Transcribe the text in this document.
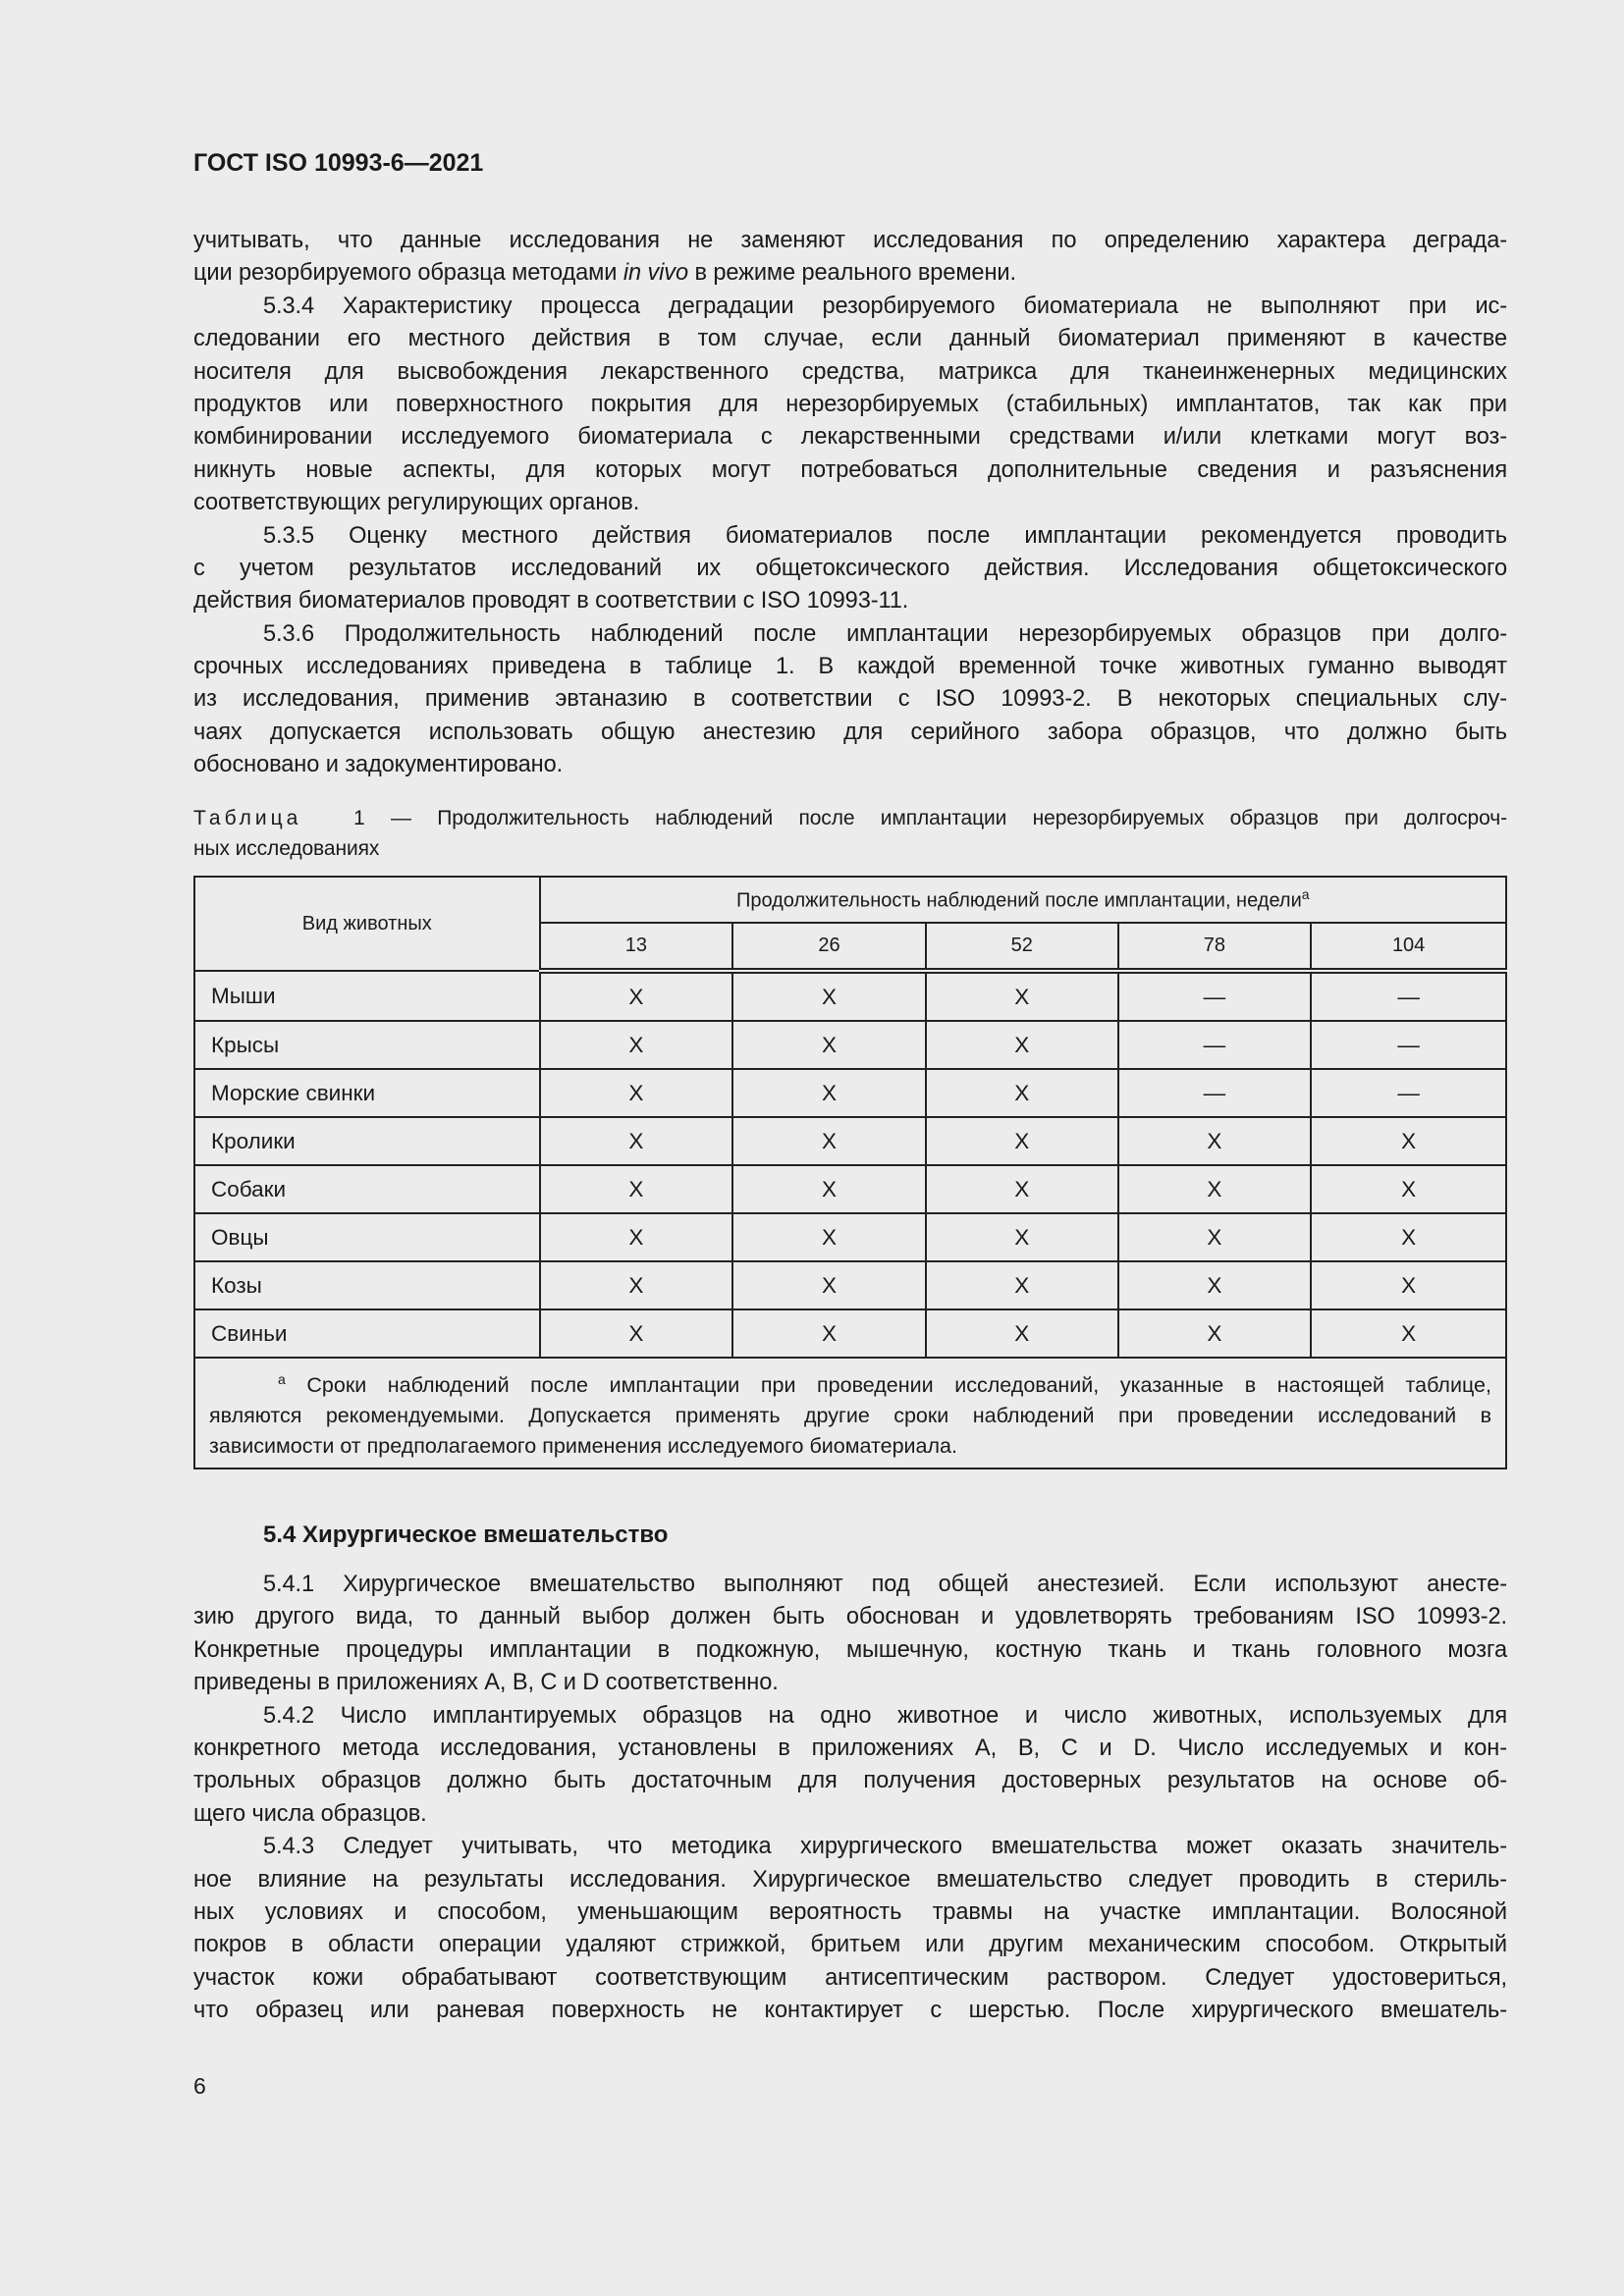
ГОСТ ISO 10993-6—2021
учитывать, что данные исследования не заменяют исследования по определению характера деграда-
ции резорбируемого образца методами in vivo в режиме реального времени.
5.3.4 Характеристику процесса деградации резорбируемого биоматериала не выполняют при ис-
следовании его местного действия в том случае, если данный биоматериал применяют в качестве
носителя для высвобождения лекарственного средства, матрикса для тканеинженерных медицинских
продуктов или поверхностного покрытия для нерезорбируемых (стабильных) имплантатов, так как при
комбинировании исследуемого биоматериала с лекарственными средствами и/или клетками могут воз-
никнуть новые аспекты, для которых могут потребоваться дополнительные сведения и разъяснения
соответствующих регулирующих органов.
5.3.5 Оценку местного действия биоматериалов после имплантации рекомендуется проводить
с учетом результатов исследований их общетоксического действия. Исследования общетоксического
действия биоматериалов проводят в соответствии с ISO 10993-11.
5.3.6 Продолжительность наблюдений после имплантации нерезорбируемых образцов при долго-
срочных исследованиях приведена в таблице 1. В каждой временной точке животных гуманно выводят
из исследования, применив эвтаназию в соответствии с ISO 10993-2. В некоторых специальных слу-
чаях допускается использовать общую анестезию для серийного забора образцов, что должно быть
обосновано и задокументировано.
Таблица	1 — Продолжительность наблюдений после имплантации нерезорбируемых образцов при долгосроч-
ных исследованиях
Вид животных	Продолжительность наблюдений после имплантации, недели$^a$
	13	26	52	78	104
Мыши	X	X	X	—	—
Крысы	X	X	X	—	—
Морские свинки	X	X	X	—	—
Кролики	X	X	X	X	X
Собаки	X	X	X	X	X
Овцы	X	X	X	X	X
Козы	X	X	X	X	X
Свиньи	X	X	X	X	X

$^a$ Сроки наблюдений после имплантации при проведении исследований, указанные в настоящей таблице,
являются рекомендуемыми. Допускается применять другие сроки наблюдений при проведении исследований в
зависимости от предполагаемого применения исследуемого биоматериала.					
5.4 Хирургическое вмешательство
5.4.1 Хирургическое вмешательство выполняют под общей анестезией. Если используют анесте-
зию другого вида, то данный выбор должен быть обоснован и удовлетворять требованиям ISO 10993-2.
Конкретные процедуры имплантации в подкожную, мышечную, костную ткань и ткань головного мозга
приведены в приложениях А, В, С и D соответственно.
5.4.2 Число имплантируемых образцов на одно животное и число животных, используемых для
конкретного метода исследования, установлены в приложениях А, В, С и D. Число исследуемых и кон-
трольных образцов должно быть достаточным для получения достоверных результатов на основе об-
щего числа образцов.
5.4.3 Следует учитывать, что методика хирургического вмешательства может оказать значитель-
ное влияние на результаты исследования. Хирургическое вмешательство следует проводить в стериль-
ных условиях и способом, уменьшающим вероятность травмы на участке имплантации. Волосяной
покров в области операции удаляют стрижкой, бритьем или другим механическим способом. Открытый
участок кожи обрабатывают соответствующим антисептическим раствором. Следует удостовериться,
что образец или раневая поверхность не контактирует с шерстью. После хирургического вмешатель-
6
